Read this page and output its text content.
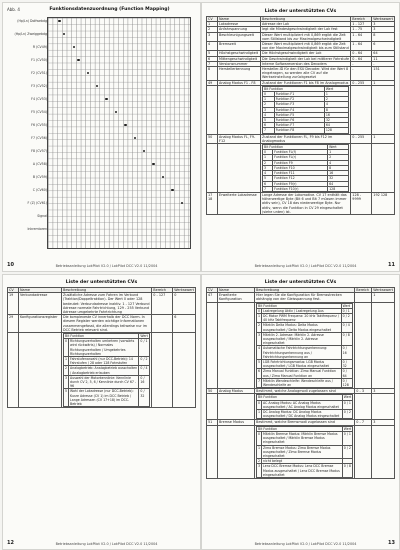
Abb. 4	Funktionsdatenzuordnung (Function Mapping)
(Hp/Ln) Dolfwebdg
(Hp/Ln) Zweiggebdg
R (CV49)
F1 (CV50)
F2 (CV51)
F3 (CV52)
F4 (CV53)
F5 (CV54)
F6 (CV55)
F7 (CV56)
F8 (CV57)
A (CV58)
B (CV59)
C (CV60)
F (Z) (CV61)
Signal
Inkremtoren
10	Betriebsanleitung LokPilot V2.0 / LokPilot DCC V2.0 11/2004
Liste der unterstützten CVs
CV	Name	Beschreibung	Bereich	Werksswert
1	Lokadresse	Adresse der Lok	1 - 127	3
2	Anfahrspannung	legt die Mindestgeschwindigkeit der Lok fest	1 - 75	3
3	Beschleunigungszeit	Dieser Wert multipliziert mit 0,869 ergibt die Zeit vom Stillstand bis zur Maximalgeschwindigkeit	1 - 64	8
4	Bremszeit	Dieser Wert multipliziert mit 0,869 ergibt die Zeit von der Maximalgeschwindigkeit bis zum Stillstand	1 - 64	6
5	Höchstgeschwindigkeit	Die Höchstgeschwindigkeit der Lok	0 - 64	64
6	Mittengeschwindigkeit	Die Geschwindigkeit der Lok bei mittlerer Fahrstufe	0 - 64	11
7	Versionsnummer	Interne Softwareversion des Decoders	-	-
8	Herstellerkennung	Hersteller-ID für den ESU Decoder. Wird der Wert 8 eingetragen, so werden alle CV auf die Werkseinstellung zurückgesetzt	-	151
49	Analog Modus F1 - F8	Zustand der Funktionen F1 bis F8 im Analogmodus	0 - 255	1

Bit Funktion	Wert
0	Funktion F1	1
1	Funktion F2	2
2	Funktion F3	4
3	Funktion F4	8
4	Funktion F5	16
5	Funktion F6	32
6	Funktion F7	64
7	Funktion F8	128

50	Analog Modus FL, F9-F12	Zustand der Funktionen FL, F9 bis F12 im Analogmodus	0 - 255	1

Bit Funktion	Wert
0	Funktion FL(f)	1
1	Funktion FL(r)	2
2	Funktion F9	4
3	Funktion F10	8
4	Funktion F11	16
5	Funktion F12	32
6	Funktion F9(r)	64
7	Funktion F10(r)	128

17 18	Erweiterte Lokadresse	Lange Adresse der Lokomotive. CV 17 enthält das höherwertige Byte (Bit 6 und Bit 7 müssen immer aktiv sein), CV 18 das niederwertige Byte. Nur aktiv, wenn die Funktion in CV 29 eingeschaltet (siehe unten) ist.	128 - 9999	192 128
11
Betriebsanleitung LokPilot V2.0 / LokPilot DCC V2.0 11/2004
Liste der unterstützten CVs
CV	Name	Beschreibung	Bereich	Werksswert
19	Verbundadresse	Zusätzliche Adresse zum Fahren im Verbund (Traktion/Doppeltraktion). Der Wert 0 oder 128 bedeutet: Verbundadresse inaktiv. 1 - 127 Verbund Adresse normale Fahrtrichtung, 129 - 255 Verbund Adresse umgekehrte Fahrtrichtung	0 - 127	0
29	Konfigurationsregister	Die komplexeste CV innerhalb der DCC Norm. In diesem Register werden wichtige Informationen zusammengefasst, die allerdings teilweise nur im DCC Betrieb relevant sind.		6

Bit Funktion	Wert
0	Richtungsverhalten umkehren (vorwärts wird rückwärts) / Normales Richtungsverhalten / Umgekehrtes Richtungsverhalten	0 / 1
1	Fahrstufenanzahl (nur DCC-Betrieb): 14 Fahrstufen / 28 oder 128 Fahrstufen	0 / 2
2	Analogbetrieb: Analogbetrieb ausschalten / Analogbetrieb erlauben	0 / 4
3	Auswahl der Motorkennlinie: Kennlinie durch CV 2, 5, 6 / Kennlinie durch CV 67 - 96	0 / 16
5	Wahl der Lokadresse (nur DCC-Betrieb): Kurze Adresse (CV 1) im DCC Betrieb / Lange Adressen (CV 17+18) im DCC-Betrieb	0 / 32

12	Betriebsanleitung LokPilot V2.0 / LokPilot DCC V2.0 11/2004
Liste der unterstützten CVs
CV	Name	Beschreibung	Bereich	Werksswert
47	Erweiterte Konfiguration	Hier legen Sie die Konfiguration für Bremsstrecken abhängig von der Gleisspannung fest.		1

Bit Funktion	Wert
0	Lastregelung Aktiv / Lastregelung Aus	0 / 1
1	DC Motor PWM Frequenz: 20 kHz Taktfrequenz / 40 kHz Taktfrequenz	0 / 2
2	Märklin Delta Modus: Delta Modus ausgeschaltet / Delta Modus eingeschaltet	0 / 4
3	Märklin 2. Adresse: Märklin 2. Adresse ausgeschaltet / Märklin 2. Adresse eingeschaltet	0 / 8
4	Automatische Fahrtrichtungserkennung: Fahrtrichtungserkennung aus / Fahrtrichtungserkennung an	0 / 16
5	LGB Fahrtrichtungsmodus: LGB Modus ausgeschaltet / LGB Modus eingeschaltet	0 / 32
6	Zimo Manual Funktion: Zimo Manual Funktion aus / Zimo Manual Funktion an	0 / 64
7	Märklin Wendeschleife: Wendeschleife aus / Wendeschleife an	0 / 128

50	Analog Modus	Bestimmt, welche Analogmodi zugelassen sind	0 - 3	3

Bit Funktion	Wert
0	AC Analog Modus: AC Analog Modus ausgeschaltet / AC Analog Modus eingeschaltet	0 / 1
1	DC Analog Modus: DC Analog Modus ausgeschaltet / DC Analog Modus eingeschaltet	0 / 2

51	Bremse Modus	Bestimmt, welche Bremsmodi zugelassen sind	0 - 7	3

Bit Funktion	Wert
0	Märklin Bremse Modus: Märklin Bremse Modus ausgeschaltet / Märklin Bremse Modus eingeschaltet	0 / 1
1	Zimo Bremse Modus: Zimo Bremse Modus ausgeschaltet / Zimo Bremse Modus eingeschaltet	0 / 2
2	nicht belegt	
3	Lenz DCC Bremse Modus: Lenz DCC Bremse Modus ausgeschaltet / Lenz DCC Bremse Modus eingeschaltet	0 / 8

13
Betriebsanleitung LokPilot V2.0 / LokPilot DCC V2.0 11/2004
